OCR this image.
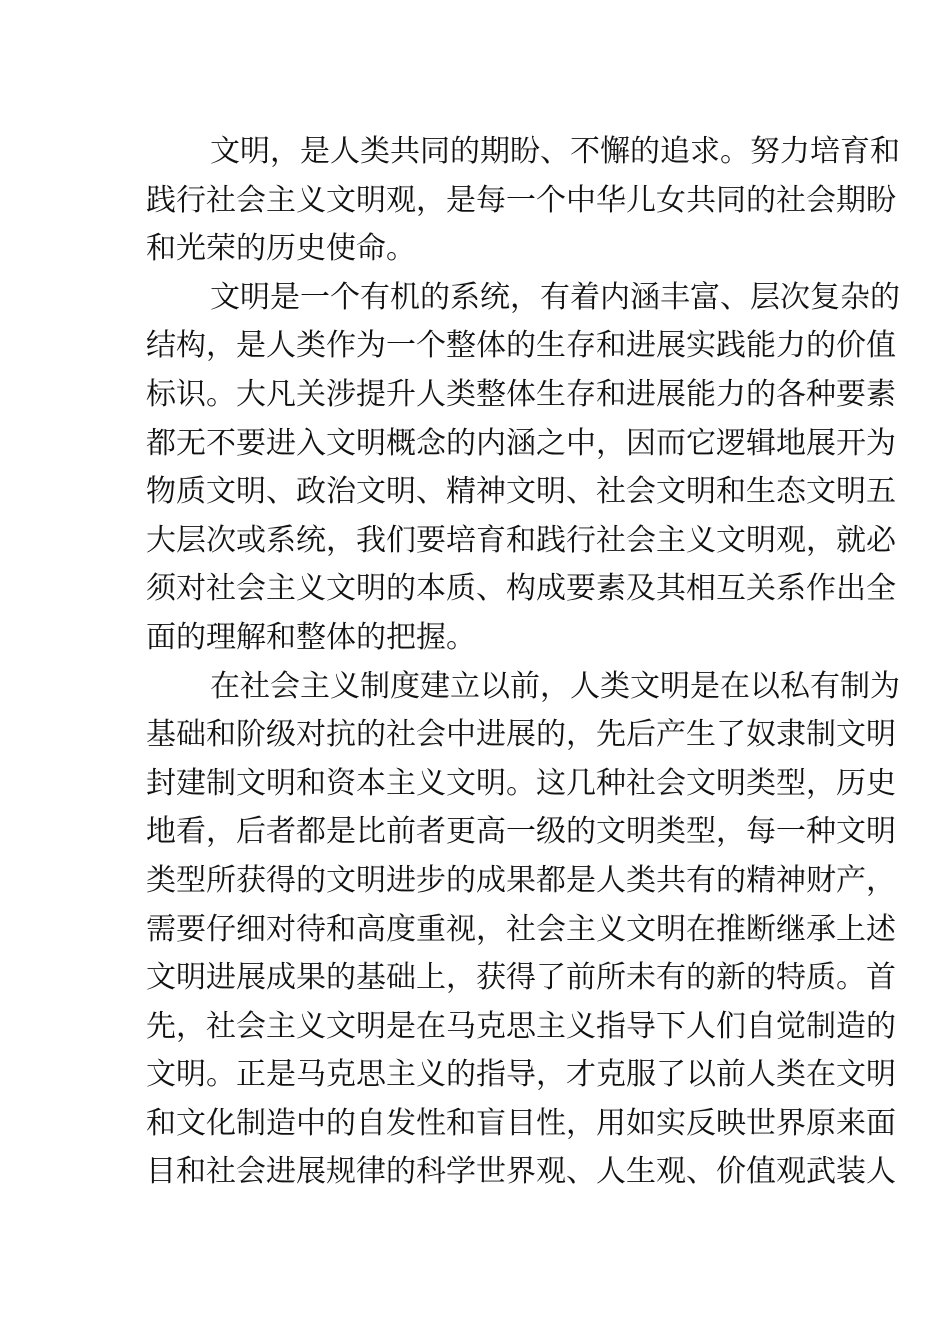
文明，是人类共同的期盼、不懈的追求。努力培育和
践行社会主义文明观，是每一个中华儿女共同的社会期盼
和光荣的历史使命。
文明是一个有机的系统，有着内涵丰富、层次复杂的
结构，是人类作为一个整体的生存和进展实践能力的价值
标识。大凡关涉提升人类整体生存和进展能力的各种要素
都无不要进入文明概念的内涵之中，因而它逻辑地展开为
物质文明、政治文明、精神文明、社会文明和生态文明五
大层次或系统，我们要培育和践行社会主义文明观，就必
须对社会主义文明的本质、构成要素及其相互关系作出全
面的理解和整体的把握。
在社会主义制度建立以前，人类文明是在以私有制为
基础和阶级对抗的社会中进展的，先后产生了奴隶制文明
封建制文明和资本主义文明。这几种社会文明类型，历史
地看，后者都是比前者更高一级的文明类型，每一种文明
类型所获得的文明进步的成果都是人类共有的精神财产，
需要仔细对待和高度重视，社会主义文明在推断继承上述
文明进展成果的基础上，获得了前所未有的新的特质。首
先，社会主义文明是在马克思主义指导下人们自觉制造的
文明。正是马克思主义的指导，才克服了以前人类在文明
和文化制造中的自发性和盲目性，用如实反映世界原来面
目和社会进展规律的科学世界观、人生观、价值观武装人
